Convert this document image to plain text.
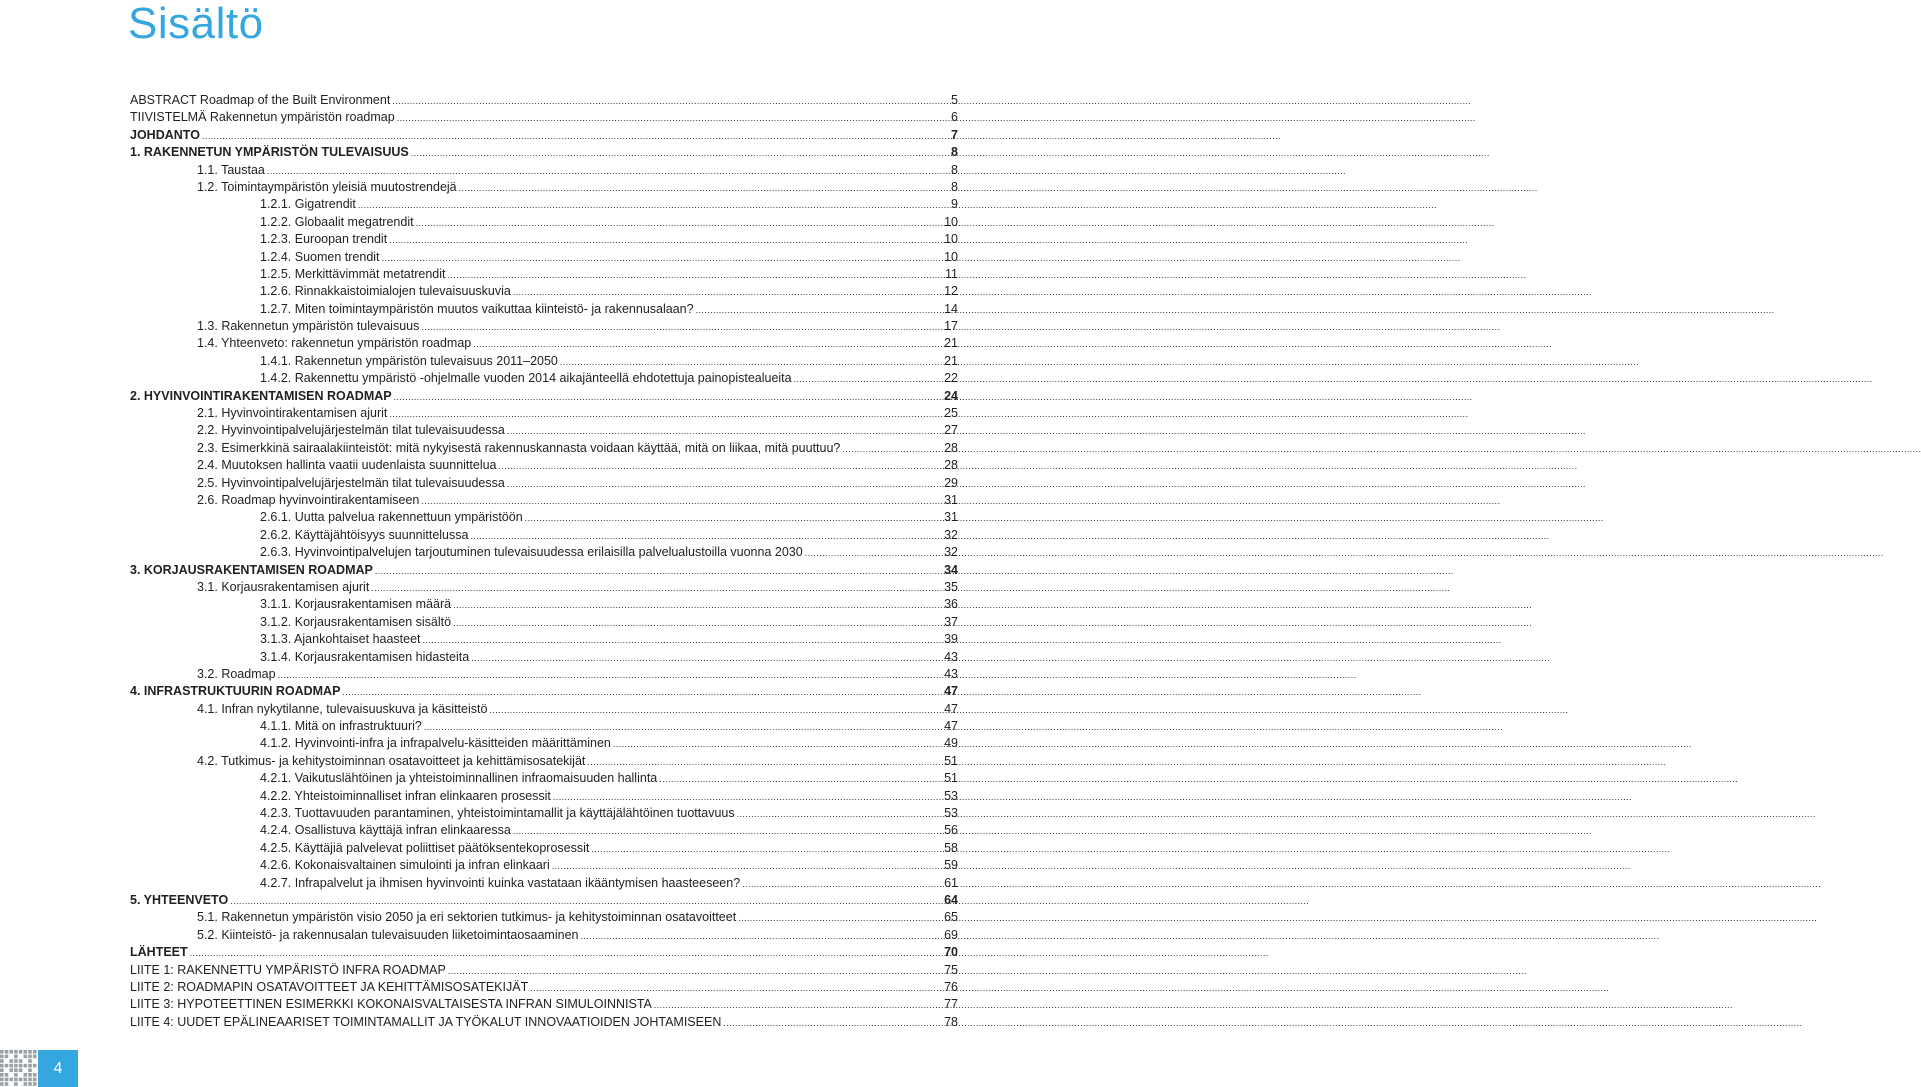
Sisältö
ABSTRACT Roadmap of the Built Environment .....	5
TIIVISTELMÄ Rakennetun ympäristön roadmap .....	6
JOHDANTO .....	7
1. RAKENNETUN YMPÄRISTÖN TULEVAISUUS .....	8
1.1. Taustaa .....	8
1.2. Toimintaympäristön yleisiä muutostrendejä .....	8
1.2.1. Gigatrendit .....	9
1.2.2. Globaalit megatrendit .....	10
1.2.3. Euroopan trendit .....	10
1.2.4. Suomen trendit .....	10
1.2.5. Merkittävimmät metatrendit .....	11
1.2.6. Rinnakkaistoimialojen tulevaisuuskuvia .....	12
1.2.7. Miten toimintaympäristön muutos vaikuttaa kiinteistö- ja rakennusalaan? .....	14
1.3. Rakennetun ympäristön tulevaisuus .....	17
1.4. Yhteenveto: rakennetun ympäristön roadmap .....	21
1.4.1. Rakennetun ympäristön tulevaisuus 2011–2050 .....	21
1.4.2. Rakennettu ympäristö -ohjelmalle vuoden 2014 aikajänteellä ehdotettuja painopistealueita .....	22
2. HYVINVOINTIRAKENTAMISEN ROADMAP .....	24
2.1. Hyvinvointirakentamisen ajurit .....	25
2.2. Hyvinvointipalvelujärjestelmän tilat tulevaisuudessa .....	27
2.3. Esimerkkinä sairaalakiinteistöt: mitä nykyisestä rakennuskannasta voidaan käyttää, mitä on liikaa, mitä puuttuu? .....	28
2.4. Muutoksen hallinta vaatii uudenlaista suunnittelua .....	28
2.5. Hyvinvointipalvelujärjestelmän tilat tulevaisuudessa .....	29
2.6. Roadmap hyvinvointirakentamiseen .....	31
2.6.1. Uutta palvelua rakennettuun ympäristöön .....	31
2.6.2. Käyttäjähtöisyys suunnittelussa .....	32
2.6.3. Hyvinvointipalvelujen tarjoutuminen tulevaisuudessa erilaisilla palvelualustoilla vuonna 2030 .....	32
3. KORJAUSRAKENTAMISEN ROADMAP .....	34
3.1. Korjausrakentamisen ajurit .....	35
3.1.1. Korjausrakentamisen määrä .....	36
3.1.2. Korjausrakentamisen sisältö .....	37
3.1.3. Ajankohtaiset haasteet .....	39
3.1.4. Korjausrakentamisen hidasteita .....	43
3.2. Roadmap .....	43
4. INFRASTRUKTUURIN ROADMAP .....	47
4.1. Infran nykytilanne, tulevaisuuskuva ja käsitteistö .....	47
4.1.1. Mitä on infrastruktuuri? .....	47
4.1.2. Hyvinvointi-infra ja infrapalvelu-käsitteiden määrittäminen .....	49
4.2. Tutkimus- ja kehitystoiminnan osatavoitteet ja kehittämisosatekijät .....	51
4.2.1. Vaikutuslähtöinen ja yhteistoiminnallinen infraomaisuuden hallinta .....	51
4.2.2. Yhteistoiminnalliset infran elinkaaren prosessit .....	53
4.2.3. Tuottavuuden parantaminen, yhteistoimintamallit ja käyttäjälähtöinen tuottavuus .....	53
4.2.4. Osallistuva käyttäjä infran elinkaaressa .....	56
4.2.5. Käyttäjiä palvelevat poliittiset päätöksentekoprosessit .....	58
4.2.6. Kokonaisvaltainen simulointi ja infran elinkaari .....	59
4.2.7. Infrapalvelut ja ihmisen hyvinvointi kuinka vastataan ikääntymisen haasteeseen? .....	61
5. YHTEENVETO .....	64
5.1. Rakennetun ympäristön visio 2050 ja eri sektorien tutkimus- ja kehitystoiminnan osatavoitteet .....	65
5.2. Kiinteistö- ja rakennusalan tulevaisuuden liiketoimintaosaaminen .....	69
LÄHTEET .....	70
LIITE 1: RAKENNETTU YMPÄRISTÖ INFRA ROADMAP .....	75
LIITE 2: ROADMAPIN OSATAVOITTEET JA KEHITTÄMISOSATEKIJÄT .....	76
LIITE 3: HYPOTEETTINEN ESIMERKKI KOKONAISVALTAISESTA INFRAN SIMULOINNISTA .....	77
LIITE 4: UUDET EPÄLINEAARISET TOIMINTAMALLIT JA TYÖKALUT INNOVAATIOIDEN JOHTAMISEEN .....	78
4
